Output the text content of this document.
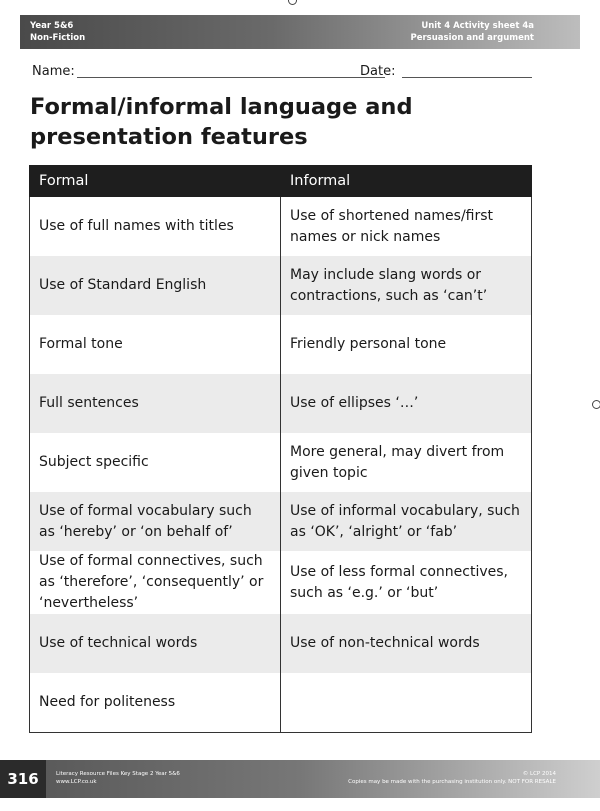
Year 5&6
Non-Fiction
Unit 4 Activity sheet 4a
Persuasion and argument
Name:	Date:
Formal/informal language and presentation features
Formal	Informal
Use of full names with titles	Use of shortened names/first names or nick names
Use of Standard English	May include slang words or contractions, such as ‘can’t’
Formal tone	Friendly personal tone
Full sentences	Use of ellipses ‘…’
Subject specific	More general, may divert from given topic
Use of formal vocabulary such as ‘hereby’ or ‘on behalf of’	Use of informal vocabulary, such as ‘OK’, ‘alright’ or ‘fab’
Use of formal connectives, such as ‘therefore’, ‘consequently’ or ‘nevertheless’	Use of less formal connectives, such as ‘e.g.’ or ‘but’
Use of technical words	Use of non-technical words
Need for politeness	
316	Literacy Resource Files Key Stage 2 Year 5&6
www.LCP.co.uk
© LCP 2014
Copies may be made with the purchasing institution only. NOT FOR RESALE
